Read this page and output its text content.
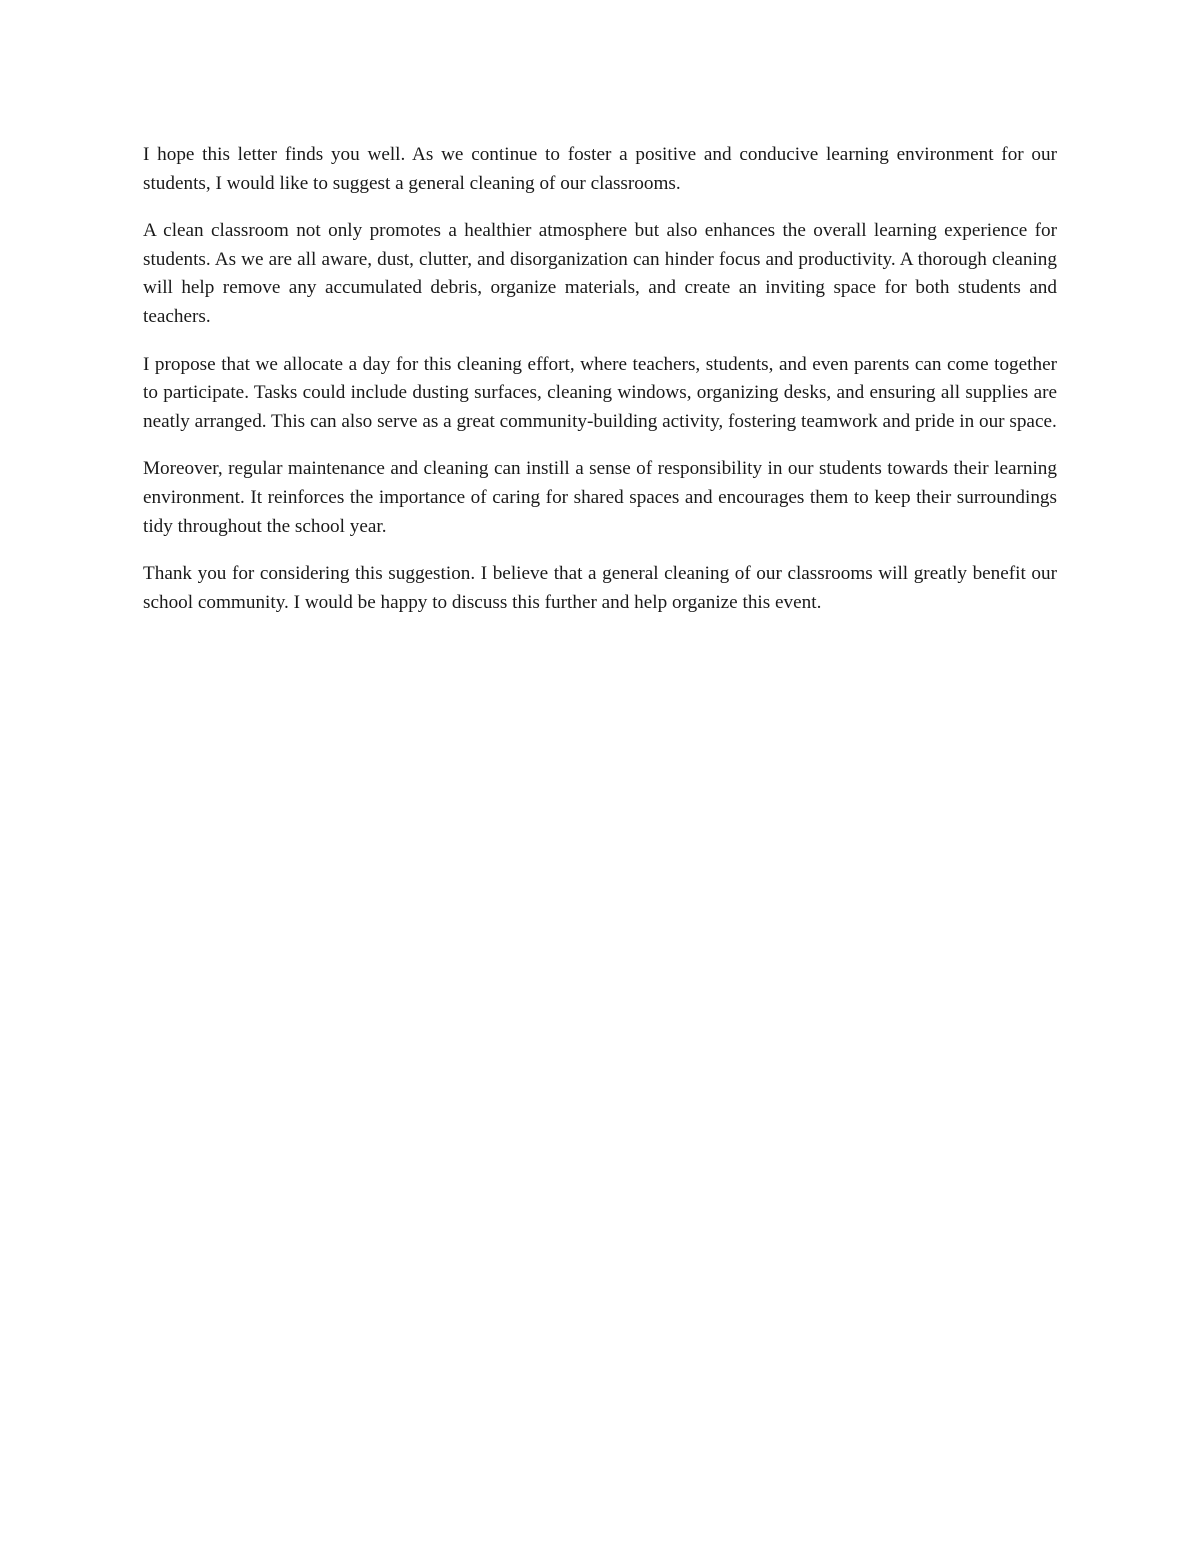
I hope this letter finds you well. As we continue to foster a positive and conducive learning environment for our students, I would like to suggest a general cleaning of our classrooms.

A clean classroom not only promotes a healthier atmosphere but also enhances the overall learning experience for students. As we are all aware, dust, clutter, and disorganization can hinder focus and productivity. A thorough cleaning will help remove any accumulated debris, organize materials, and create an inviting space for both students and teachers.

I propose that we allocate a day for this cleaning effort, where teachers, students, and even parents can come together to participate. Tasks could include dusting surfaces, cleaning windows, organizing desks, and ensuring all supplies are neatly arranged. This can also serve as a great community-building activity, fostering teamwork and pride in our space.

Moreover, regular maintenance and cleaning can instill a sense of responsibility in our students towards their learning environment. It reinforces the importance of caring for shared spaces and encourages them to keep their surroundings tidy throughout the school year.

Thank you for considering this suggestion. I believe that a general cleaning of our classrooms will greatly benefit our school community. I would be happy to discuss this further and help organize this event.
